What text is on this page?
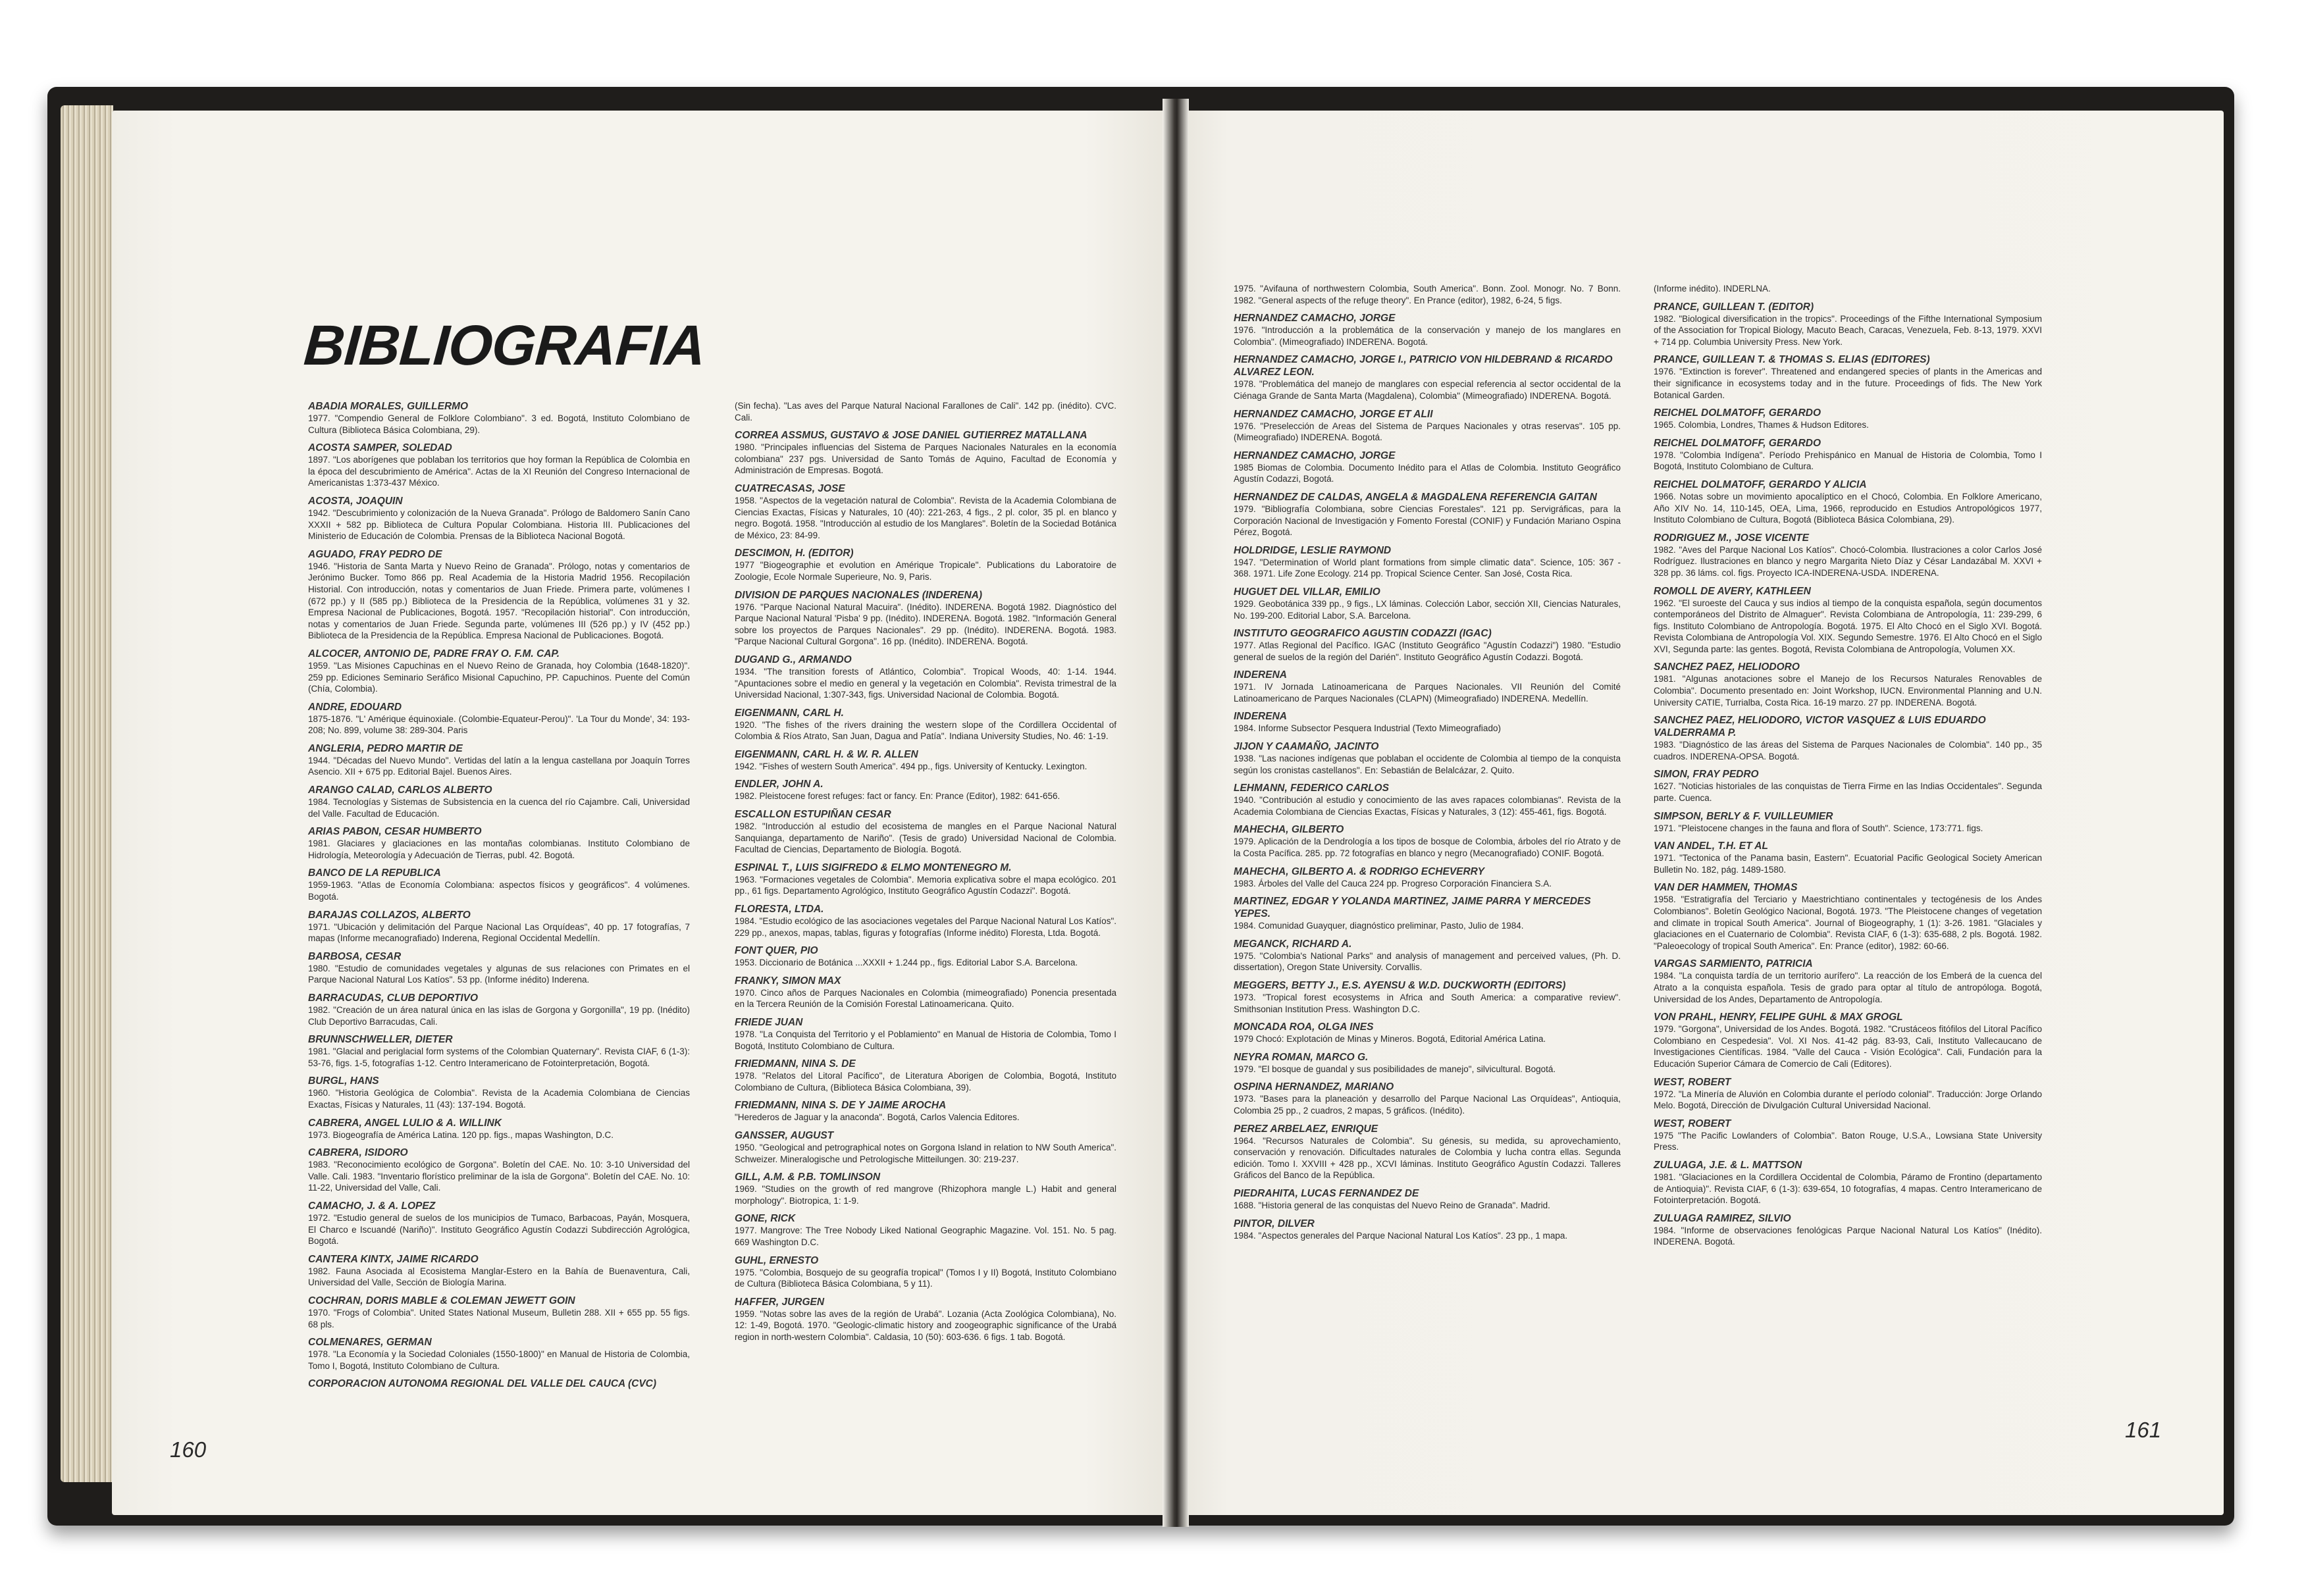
BIBLIOGRAFIA

ABADIA MORALES, GUILLERMO

1977. "Compendio General de Folklore Colombiano". 3 ed. Bogotá, Instituto Colombiano de Cultura (Biblioteca Básica Colombiana, 29).

ACOSTA SAMPER, SOLEDAD

1897. "Los aborígenes que poblaban los territorios que hoy forman la República de Colombia en la época del descubrimiento de América". Actas de la XI Reunión del Congreso Internacional de Americanistas 1:373-437 México.

ACOSTA, JOAQUIN

1942. "Descubrimiento y colonización de la Nueva Granada". Prólogo de Baldomero Sanín Cano XXXII + 582 pp. Biblioteca de Cultura Popular Colombiana. Historia III. Publicaciones del Ministerio de Educación de Colombia. Prensas de la Biblioteca Nacional Bogotá.

AGUADO, FRAY PEDRO DE

1946. "Historia de Santa Marta y Nuevo Reino de Granada". Prólogo, notas y comentarios de Jerónimo Bucker. Tomo 866 pp. Real Academia de la Historia Madrid 1956. Recopilación Historial. Con introducción, notas y comentarios de Juan Friede. Primera parte, volúmenes I (672 pp.) y II (585 pp.) Biblioteca de la Presidencia de la República, volúmenes 31 y 32. Empresa Nacional de Publicaciones, Bogotá. 1957. "Recopilación historial". Con introducción, notas y comentarios de Juan Friede. Segunda parte, volúmenes III (526 pp.) y IV (452 pp.) Biblioteca de la Presidencia de la República. Empresa Nacional de Publicaciones. Bogotá.

ALCOCER, ANTONIO DE, PADRE FRAY O. F.M. CAP.

1959. "Las Misiones Capuchinas en el Nuevo Reino de Granada, hoy Colombia (1648-1820)". 259 pp. Ediciones Seminario Seráfico Misional Capuchino, PP. Capuchinos. Puente del Común (Chía, Colombia).

ANDRE, EDOUARD

1875-1876. "L' Amérique équinoxiale. (Colombie-Equateur-Perou)". 'La Tour du Monde', 34: 193-208; No. 899, volume 38: 289-304. Paris

ANGLERIA, PEDRO MARTIR DE

1944. "Décadas del Nuevo Mundo". Vertidas del latín a la lengua castellana por Joaquín Torres Asencio. XII + 675 pp. Editorial Bajel. Buenos Aires.

ARANGO CALAD, CARLOS ALBERTO

1984. Tecnologías y Sistemas de Subsistencia en la cuenca del río Cajambre. Cali, Universidad del Valle. Facultad de Educación.

ARIAS PABON, CESAR HUMBERTO

1981. Glaciares y glaciaciones en las montañas colombianas. Instituto Colombiano de Hidrología, Meteorología y Adecuación de Tierras, publ. 42. Bogotá.

BANCO DE LA REPUBLICA

1959-1963. "Atlas de Economía Colombiana: aspectos físicos y geográficos". 4 volúmenes. Bogotá.

BARAJAS COLLAZOS, ALBERTO

1971. "Ubicación y delimitación del Parque Nacional Las Orquídeas", 40 pp. 17 fotografías, 7 mapas (Informe mecanografiado) Inderena, Regional Occidental Medellín.

BARBOSA, CESAR

1980. "Estudio de comunidades vegetales y algunas de sus relaciones con Primates en el Parque Nacional Natural Los Katíos". 53 pp. (Informe inédito) Inderena.

BARRACUDAS, CLUB DEPORTIVO

1982. "Creación de un área natural única en las islas de Gorgona y Gorgonilla", 19 pp. (Inédito) Club Deportivo Barracudas, Cali.

BRUNNSCHWELLER, DIETER

1981. "Glacial and periglacial form systems of the Colombian Quaternary". Revista CIAF, 6 (1-3): 53-76, figs. 1-5, fotografías 1-12. Centro Interamericano de Fotointerpretación, Bogotá.

BURGL, HANS

1960. "Historia Geológica de Colombia". Revista de la Academia Colombiana de Ciencias Exactas, Físicas y Naturales, 11 (43): 137-194. Bogotá.

CABRERA, ANGEL LULIO & A. WILLINK

1973. Biogeografía de América Latina. 120 pp. figs., mapas Washington, D.C.

CABRERA, ISIDORO

1983. "Reconocimiento ecológico de Gorgona". Boletín del CAE. No. 10: 3-10 Universidad del Valle. Cali. 1983. "Inventario florístico preliminar de la isla de Gorgona". Boletín del CAE. No. 10: 11-22, Universidad del Valle, Cali.

CAMACHO, J. & A. LOPEZ

1972. "Estudio general de suelos de los municipios de Tumaco, Barbacoas, Payán, Mosquera, El Charco e Iscuandé (Nariño)". Instituto Geográfico Agustín Codazzi Subdirección Agrológica, Bogotá.

CANTERA KINTX, JAIME RICARDO

1982. Fauna Asociada al Ecosistema Manglar-Estero en la Bahía de Buenaventura, Cali, Universidad del Valle, Sección de Biología Marina.

COCHRAN, DORIS MABLE & COLEMAN JEWETT GOIN

1970. "Frogs of Colombia". United States National Museum, Bulletin 288. XII + 655 pp. 55 figs. 68 pls.

COLMENARES, GERMAN

1978. "La Economía y la Sociedad Coloniales (1550-1800)" en Manual de Historia de Colombia, Tomo I, Bogotá, Instituto Colombiano de Cultura.

CORPORACION AUTONOMA REGIONAL DEL VALLE DEL CAUCA (CVC)

(Sin fecha). "Las aves del Parque Natural Nacional Farallones de Cali". 142 pp. (inédito). CVC. Cali.

CORREA ASSMUS, GUSTAVO & JOSE DANIEL GUTIERREZ MATALLANA

1980. "Principales influencias del Sistema de Parques Nacionales Naturales en la economía colombiana" 237 pgs. Universidad de Santo Tomás de Aquino, Facultad de Economía y Administración de Empresas. Bogotá.

CUATRECASAS, JOSE

1958. "Aspectos de la vegetación natural de Colombia". Revista de la Academia Colombiana de Ciencias Exactas, Físicas y Naturales, 10 (40): 221-263, 4 figs., 2 pl. color, 35 pl. en blanco y negro. Bogotá. 1958. "Introducción al estudio de los Manglares". Boletín de la Sociedad Botánica de México, 23: 84-99.

DESCIMON, H. (EDITOR)

1977 "Biogeographie et evolution en Amérique Tropicale". Publications du Laboratoire de Zoologie, Ecole Normale Superieure, No. 9, Paris.

DIVISION DE PARQUES NACIONALES (INDERENA)

1976. "Parque Nacional Natural Macuira". (Inédito). INDERENA. Bogotá 1982. Diagnóstico del Parque Nacional Natural 'Pisba' 9 pp. (Inédito). INDERENA. Bogotá. 1982. "Información General sobre los proyectos de Parques Nacionales". 29 pp. (Inédito). INDERENA. Bogotá. 1983. "Parque Nacional Cultural Gorgona". 16 pp. (Inédito). INDERENA. Bogotá.

DUGAND G., ARMANDO

1934. "The transition forests of Atlántico, Colombia". Tropical Woods, 40: 1-14. 1944. "Apuntaciones sobre el medio en general y la vegetación en Colombia". Revista trimestral de la Universidad Nacional, 1:307-343, figs. Universidad Nacional de Colombia. Bogotá.

EIGENMANN, CARL H.

1920. "The fishes of the rivers draining the western slope of the Cordillera Occidental of Colombia & Ríos Atrato, San Juan, Dagua and Patía". Indiana University Studies, No. 46: 1-19.

EIGENMANN, CARL H. & W. R. ALLEN

1942. "Fishes of western South America". 494 pp., figs. University of Kentucky. Lexington.

ENDLER, JOHN A.

1982. Pleistocene forest refuges: fact or fancy. En: Prance (Editor), 1982: 641-656.

ESCALLON ESTUPIÑAN CESAR

1982. "Introducción al estudio del ecosistema de mangles en el Parque Nacional Natural Sanquianga, departamento de Nariño". (Tesis de grado) Universidad Nacional de Colombia. Facultad de Ciencias, Departamento de Biología. Bogotá.

ESPINAL T., LUIS SIGIFREDO & ELMO MONTENEGRO M.

1963. "Formaciones vegetales de Colombia". Memoria explicativa sobre el mapa ecológico. 201 pp., 61 figs. Departamento Agrológico, Instituto Geográfico Agustín Codazzi". Bogotá.

FLORESTA, LTDA.

1984. "Estudio ecológico de las asociaciones vegetales del Parque Nacional Natural Los Katíos". 229 pp., anexos, mapas, tablas, figuras y fotografías (Informe inédito) Floresta, Ltda. Bogotá.

FONT QUER, PIO

1953. Diccionario de Botánica ...XXXII + 1.244 pp., figs. Editorial Labor S.A. Barcelona.

FRANKY, SIMON MAX

1970. Cinco años de Parques Nacionales en Colombia (mimeografiado) Ponencia presentada en la Tercera Reunión de la Comisión Forestal Latinoamericana. Quito.

FRIEDE JUAN

1978. "La Conquista del Territorio y el Poblamiento" en Manual de Historia de Colombia, Tomo I Bogotá, Instituto Colombiano de Cultura.

FRIEDMANN, NINA S. DE

1978. "Relatos del Litoral Pacífico", de Literatura Aborigen de Colombia, Bogotá, Instituto Colombiano de Cultura, (Biblioteca Básica Colombiana, 39).

FRIEDMANN, NINA S. DE Y JAIME AROCHA

"Herederos de Jaguar y la anaconda". Bogotá, Carlos Valencia Editores.

GANSSER, AUGUST

1950. "Geological and petrographical notes on Gorgona Island in relation to NW South America". Schweizer. Mineralogische und Petrologische Mitteilungen. 30: 219-237.

GILL, A.M. & P.B. TOMLINSON

1969. "Studies on the growth of red mangrove (Rhizophora mangle L.) Habit and general morphology". Biotropica, 1: 1-9.

GONE, RICK

1977. Mangrove: The Tree Nobody Liked National Geographic Magazine. Vol. 151. No. 5 pag. 669 Washington D.C.

GUHL, ERNESTO

1975. "Colombia, Bosquejo de su geografía tropical" (Tomos I y II) Bogotá, Instituto Colombiano de Cultura (Biblioteca Básica Colombiana, 5 y 11).

HAFFER, JURGEN

1959. "Notas sobre las aves de la región de Urabá". Lozania (Acta Zoológica Colombiana), No. 12: 1-49, Bogotá. 1970. "Geologic-climatic history and zoogeographic significance of the Urabá region in north-western Colombia". Caldasia, 10 (50): 603-636. 6 figs. 1 tab. Bogotá.

160

1975. "Avifauna of northwestern Colombia, South America". Bonn. Zool. Monogr. No. 7 Bonn. 1982. "General aspects of the refuge theory". En Prance (editor), 1982, 6-24, 5 figs.

HERNANDEZ CAMACHO, JORGE

1976. "Introducción a la problemática de la conservación y manejo de los manglares en Colombia". (Mimeografiado) INDERENA. Bogotá.

HERNANDEZ CAMACHO, JORGE I., PATRICIO VON HILDEBRAND & RICARDO ALVAREZ LEON.

1978. "Problemática del manejo de manglares con especial referencia al sector occidental de la Ciénaga Grande de Santa Marta (Magdalena), Colombia" (Mimeografiado) INDERENA. Bogotá.

HERNANDEZ CAMACHO, JORGE ET ALII

1976. "Preselección de Areas del Sistema de Parques Nacionales y otras reservas". 105 pp. (Mimeografiado) INDERENA. Bogotá.

HERNANDEZ CAMACHO, JORGE

1985 Biomas de Colombia. Documento Inédito para el Atlas de Colombia. Instituto Geográfico Agustín Codazzi, Bogotá.

HERNANDEZ DE CALDAS, ANGELA & MAGDALENA REFERENCIA GAITAN

1979. "Bibliografía Colombiana, sobre Ciencias Forestales". 121 pp. Servigráficas, para la Corporación Nacional de Investigación y Fomento Forestal (CONIF) y Fundación Mariano Ospina Pérez, Bogotá.

HOLDRIDGE, LESLIE RAYMOND

1947. "Determination of World plant formations from simple climatic data". Science, 105: 367 - 368. 1971. Life Zone Ecology. 214 pp. Tropical Science Center. San José, Costa Rica.

HUGUET DEL VILLAR, EMILIO

1929. Geobotánica 339 pp., 9 figs., LX láminas. Colección Labor, sección XII, Ciencias Naturales, No. 199-200. Editorial Labor, S.A. Barcelona.

INSTITUTO GEOGRAFICO AGUSTIN CODAZZI (IGAC)

1977. Atlas Regional del Pacífico. IGAC (Instituto Geográfico "Agustín Codazzi") 1980. "Estudio general de suelos de la región del Darién". Instituto Geográfico Agustín Codazzi. Bogotá.

INDERENA

1971. IV Jornada Latinoamericana de Parques Nacionales. VII Reunión del Comité Latinoamericano de Parques Nacionales (CLAPN) (Mimeografiado) INDERENA. Medellín.

INDERENA

1984. Informe Subsector Pesquera Industrial (Texto Mimeografiado)

JIJON Y CAAMAÑO, JACINTO

1938. "Las naciones indígenas que poblaban el occidente de Colombia al tiempo de la conquista según los cronistas castellanos". En: Sebastián de Belalcázar, 2. Quito.

LEHMANN, FEDERICO CARLOS

1940. "Contribución al estudio y conocimiento de las aves rapaces colombianas". Revista de la Academia Colombiana de Ciencias Exactas, Físicas y Naturales, 3 (12): 455-461, figs. Bogotá.

MAHECHA, GILBERTO

1979. Aplicación de la Dendrología a los tipos de bosque de Colombia, árboles del río Atrato y de la Costa Pacífica. 285. pp. 72 fotografías en blanco y negro (Mecanografiado) CONIF. Bogotá.

MAHECHA, GILBERTO A. & RODRIGO ECHEVERRY

1983. Árboles del Valle del Cauca 224 pp. Progreso Corporación Financiera S.A.

MARTINEZ, EDGAR Y YOLANDA MARTINEZ, JAIME PARRA Y MERCEDES YEPES.

1984. Comunidad Guayquer, diagnóstico preliminar, Pasto, Julio de 1984.

MEGANCK, RICHARD A.

1975. "Colombia's National Parks" and analysis of management and perceived values, (Ph. D. dissertation), Oregon State University. Corvallis.

MEGGERS, BETTY J., E.S. AYENSU & W.D. DUCKWORTH (EDITORS)

1973. "Tropical forest ecosystems in Africa and South America: a comparative review". Smithsonian Institution Press. Washington D.C.

MONCADA ROA, OLGA INES

1979 Chocó: Explotación de Minas y Mineros. Bogotá, Editorial América Latina.

NEYRA ROMAN, MARCO G.

1979. "El bosque de guandal y sus posibilidades de manejo", silvicultural. Bogotá.

OSPINA HERNANDEZ, MARIANO

1973. "Bases para la planeación y desarrollo del Parque Nacional Las Orquídeas", Antioquia, Colombia 25 pp., 2 cuadros, 2 mapas, 5 gráficos. (Inédito).

PEREZ ARBELAEZ, ENRIQUE

1964. "Recursos Naturales de Colombia". Su génesis, su medida, su aprovechamiento, conservación y renovación. Dificultades naturales de Colombia y lucha contra ellas. Segunda edición. Tomo I. XXVIII + 428 pp., XCVI láminas. Instituto Geográfico Agustín Codazzi. Talleres Gráficos del Banco de la República.

PIEDRAHITA, LUCAS FERNANDEZ DE

1688. "Historia general de las conquistas del Nuevo Reino de Granada". Madrid.

PINTOR, DILVER

1984. "Aspectos generales del Parque Nacional Natural Los Katíos". 23 pp., 1 mapa.

(Informe inédito). INDERLNA.

PRANCE, GUILLEAN T. (EDITOR)

1982. "Biological diversification in the tropics". Proceedings of the Fifthe International Symposium of the Association for Tropical Biology, Macuto Beach, Caracas, Venezuela, Feb. 8-13, 1979. XXVI + 714 pp. Columbia University Press. New York.

PRANCE, GUILLEAN T. & THOMAS S. ELIAS (EDITORES)

1976. "Extinction is forever". Threatened and endangered species of plants in the Americas and their significance in ecosystems today and in the future. Proceedings of fids. The New York Botanical Garden.

REICHEL DOLMATOFF, GERARDO

1965. Colombia, Londres, Thames & Hudson Editores.

REICHEL DOLMATOFF, GERARDO

1978. "Colombia Indígena". Período Prehispánico en Manual de Historia de Colombia, Tomo I Bogotá, Instituto Colombiano de Cultura.

REICHEL DOLMATOFF, GERARDO Y ALICIA

1966. Notas sobre un movimiento apocalíptico en el Chocó, Colombia. En Folklore Americano, Año XIV No. 14, 110-145, OEA, Lima, 1966, reproducido en Estudios Antropológicos 1977, Instituto Colombiano de Cultura, Bogotá (Biblioteca Básica Colombiana, 29).

RODRIGUEZ M., JOSE VICENTE

1982. "Aves del Parque Nacional Los Katíos". Chocó-Colombia. Ilustraciones a color Carlos José Rodríguez. Ilustraciones en blanco y negro Margarita Nieto Díaz y César Landazábal M. XXVI + 328 pp. 36 láms. col. figs. Proyecto ICA-INDERENA-USDA. INDERENA.

ROMOLL DE AVERY, KATHLEEN

1962. "El suroeste del Cauca y sus indios al tiempo de la conquista española, según documentos contemporáneos del Distrito de Almaguer". Revista Colombiana de Antropología, 11: 239-299, 6 figs. Instituto Colombiano de Antropología. Bogotá. 1975. El Alto Chocó en el Siglo XVI. Bogotá. Revista Colombiana de Antropología Vol. XIX. Segundo Semestre. 1976. El Alto Chocó en el Siglo XVI, Segunda parte: las gentes. Bogotá, Revista Colombiana de Antropología, Volumen XX.

SANCHEZ PAEZ, HELIODORO

1981. "Algunas anotaciones sobre el Manejo de los Recursos Naturales Renovables de Colombia". Documento presentado en: Joint Workshop, IUCN. Environmental Planning and U.N. University CATIE, Turrialba, Costa Rica. 16-19 marzo. 27 pp. INDERENA. Bogotá.

SANCHEZ PAEZ, HELIODORO, VICTOR VASQUEZ & LUIS EDUARDO VALDERRAMA P.

1983. "Diagnóstico de las áreas del Sistema de Parques Nacionales de Colombia". 140 pp., 35 cuadros. INDERENA-OPSA. Bogotá.

SIMON, FRAY PEDRO

1627. "Noticias historiales de las conquistas de Tierra Firme en las Indias Occidentales". Segunda parte. Cuenca.

SIMPSON, BERLY & F. VUILLEUMIER

1971. "Pleistocene changes in the fauna and flora of South". Science, 173:771. figs.

VAN ANDEL, T.H. ET AL

1971. "Tectonica of the Panama basin, Eastern". Ecuatorial Pacific Geological Society American Bulletin No. 182, pág. 1489-1580.

VAN DER HAMMEN, THOMAS

1958. "Estratigrafía del Terciario y Maestrichtiano continentales y tectogénesis de los Andes Colombianos". Boletín Geológico Nacional, Bogotá. 1973. "The Pleistocene changes of vegetation and climate in tropical South America". Journal of Biogeography, 1 (1): 3-26. 1981. "Glaciales y glaciaciones en el Cuaternario de Colombia". Revista CIAF, 6 (1-3): 635-688, 2 pls. Bogotá. 1982. "Paleoecology of tropical South America". En: Prance (editor), 1982: 60-66.

VARGAS SARMIENTO, PATRICIA

1984. "La conquista tardía de un territorio aurífero". La reacción de los Emberá de la cuenca del Atrato a la conquista española. Tesis de grado para optar al título de antropóloga. Bogotá, Universidad de los Andes, Departamento de Antropología.

VON PRAHL, HENRY, FELIPE GUHL & MAX GROGL

1979. "Gorgona", Universidad de los Andes. Bogotá. 1982. "Crustáceos fitófilos del Litoral Pacífico Colombiano en Cespedesia". Vol. XI Nos. 41-42 pág. 83-93, Cali, Instituto Vallecaucano de Investigaciones Científicas. 1984. "Valle del Cauca - Visión Ecológica". Cali, Fundación para la Educación Superior Cámara de Comercio de Cali (Editores).

WEST, ROBERT

1972. "La Minería de Aluvión en Colombia durante el período colonial". Traducción: Jorge Orlando Melo. Bogotá, Dirección de Divulgación Cultural Universidad Nacional.

WEST, ROBERT

1975 "The Pacific Lowlanders of Colombia". Baton Rouge, U.S.A., Lowsiana State University Press.

ZULUAGA, J.E. & L. MATTSON

1981. "Glaciaciones en la Cordillera Occidental de Colombia, Páramo de Frontino (departamento de Antioquia)". Revista CIAF, 6 (1-3): 639-654, 10 fotografías, 4 mapas. Centro Interamericano de Fotointerpretación. Bogotá.

ZULUAGA RAMIREZ, SILVIO

1984. "Informe de observaciones fenológicas Parque Nacional Natural Los Katíos" (Inédito). INDERENA. Bogotá.

161
